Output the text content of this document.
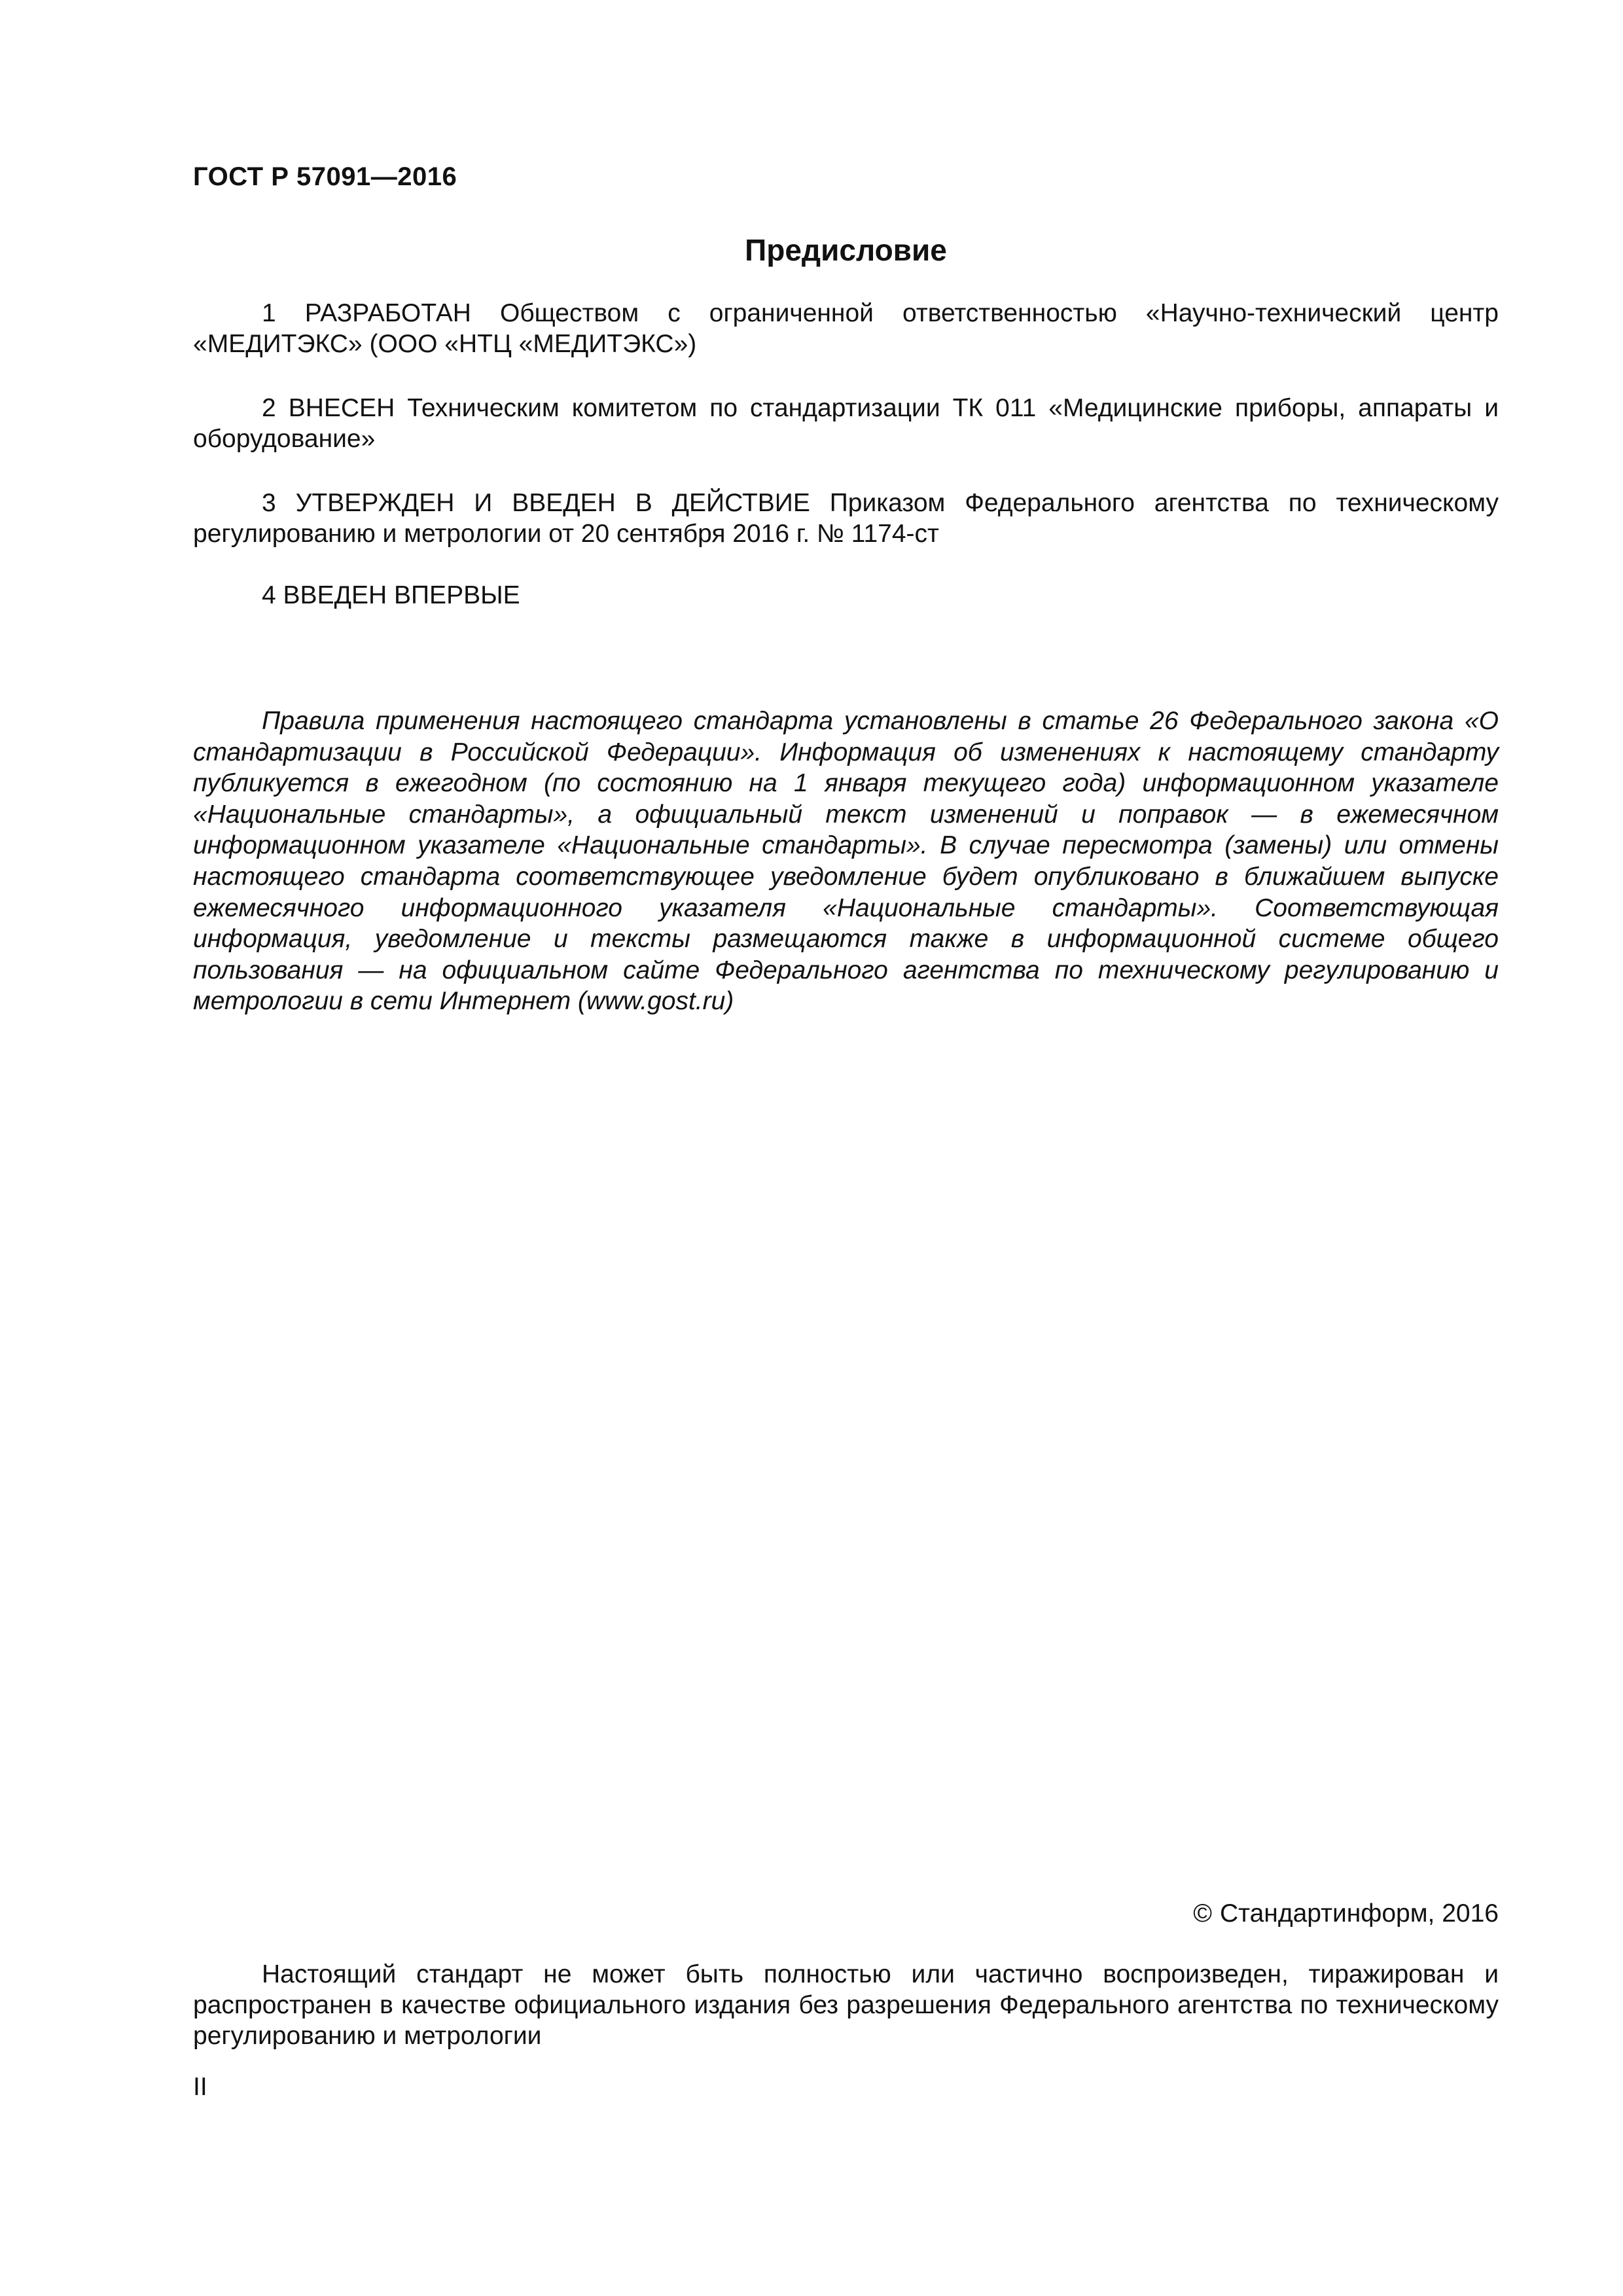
ГОСТ Р 57091—2016
Предисловие
1 РАЗРАБОТАН Обществом с ограниченной ответственностью «Научно-технический центр «МЕДИТЭКС» (ООО «НТЦ «МЕДИТЭКС»)
2 ВНЕСЕН Техническим комитетом по стандартизации ТК 011 «Медицинские приборы, аппараты и оборудование»
3 УТВЕРЖДЕН И ВВЕДЕН В ДЕЙСТВИЕ Приказом Федерального агентства по техническому регулированию и метрологии от 20 сентября 2016 г. № 1174-ст
4 ВВЕДЕН ВПЕРВЫЕ
Правила применения настоящего стандарта установлены в статье 26 Федерального закона «О стандартизации в Российской Федерации». Информация об изменениях к настоящему стандарту публикуется в ежегодном (по состоянию на 1 января текущего года) информационном указателе «Национальные стандарты», а официальный текст изменений и поправок — в ежемесячном информационном указателе «Национальные стандарты». В случае пересмотра (замены) или отмены настоящего стандарта соответствующее уведомление будет опубликовано в ближайшем выпуске ежемесячного информационного указателя «Национальные стандарты». Соответствующая информация, уведомление и тексты размещаются также в информационной системе общего пользования — на официальном сайте Федерального агентства по техническому регулированию и метрологии в сети Интернет (www.gost.ru)
© Стандартинформ, 2016
Настоящий стандарт не может быть полностью или частично воспроизведен, тиражирован и распространен в качестве официального издания без разрешения Федерального агентства по техническому регулированию и метрологии
II
